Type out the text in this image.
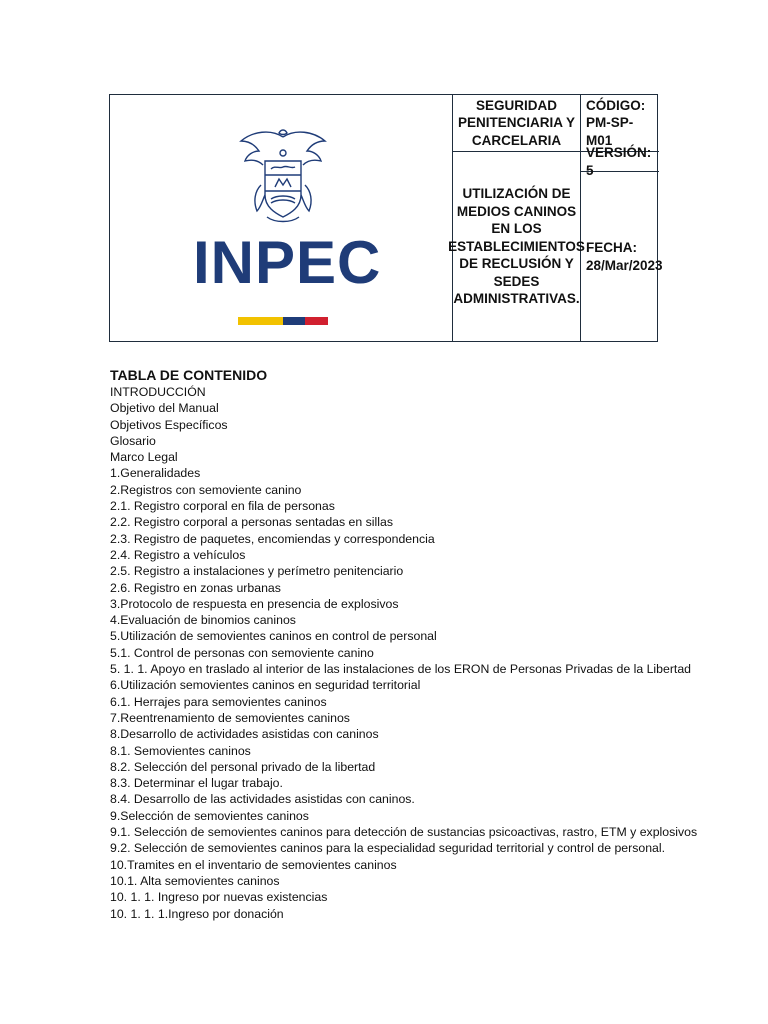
INPEC
SEGURIDAD PENITENCIARIA Y CARCELARIA
CÓDIGO:
PM-SP-M01
VERSIÓN: 5
UTILIZACIÓN DE MEDIOS CANINOS EN LOS ESTABLECIMIENTOS DE RECLUSIÓN Y SEDES ADMINISTRATIVAS.
FECHA:
28/Mar/2023
TABLA DE CONTENIDO
INTRODUCCIÓN
Objetivo del Manual
Objetivos Específicos
Glosario
Marco Legal
1.Generalidades
2.Registros con semoviente canino
2.1. Registro corporal en fila de personas
2.2. Registro corporal a personas sentadas en sillas
2.3. Registro de paquetes, encomiendas y correspondencia
2.4. Registro a vehículos
2.5. Registro a instalaciones y perímetro penitenciario
2.6. Registro en zonas urbanas
3.Protocolo de respuesta en presencia de explosivos
4.Evaluación de binomios caninos
5.Utilización de semovientes caninos en control de personal
5.1. Control de personas con semoviente canino
5. 1. 1. Apoyo en traslado al interior de las instalaciones de los ERON de Personas Privadas de la Libertad
6.Utilización semovientes caninos en seguridad territorial
6.1. Herrajes para semovientes caninos
7.Reentrenamiento de semovientes caninos
8.Desarrollo de actividades asistidas con caninos
8.1. Semovientes caninos
8.2. Selección del personal privado de la libertad
8.3. Determinar el lugar trabajo.
8.4. Desarrollo de las actividades asistidas con caninos.
9.Selección de semovientes caninos
9.1. Selección de semovientes caninos para detección de sustancias psicoactivas, rastro, ETM y explosivos
9.2. Selección de semovientes caninos para la especialidad seguridad territorial y control de personal.
10.Tramites en el inventario de semovientes caninos
10.1. Alta semovientes caninos
10. 1. 1. Ingreso por nuevas existencias
10. 1. 1. 1.Ingreso por donación
